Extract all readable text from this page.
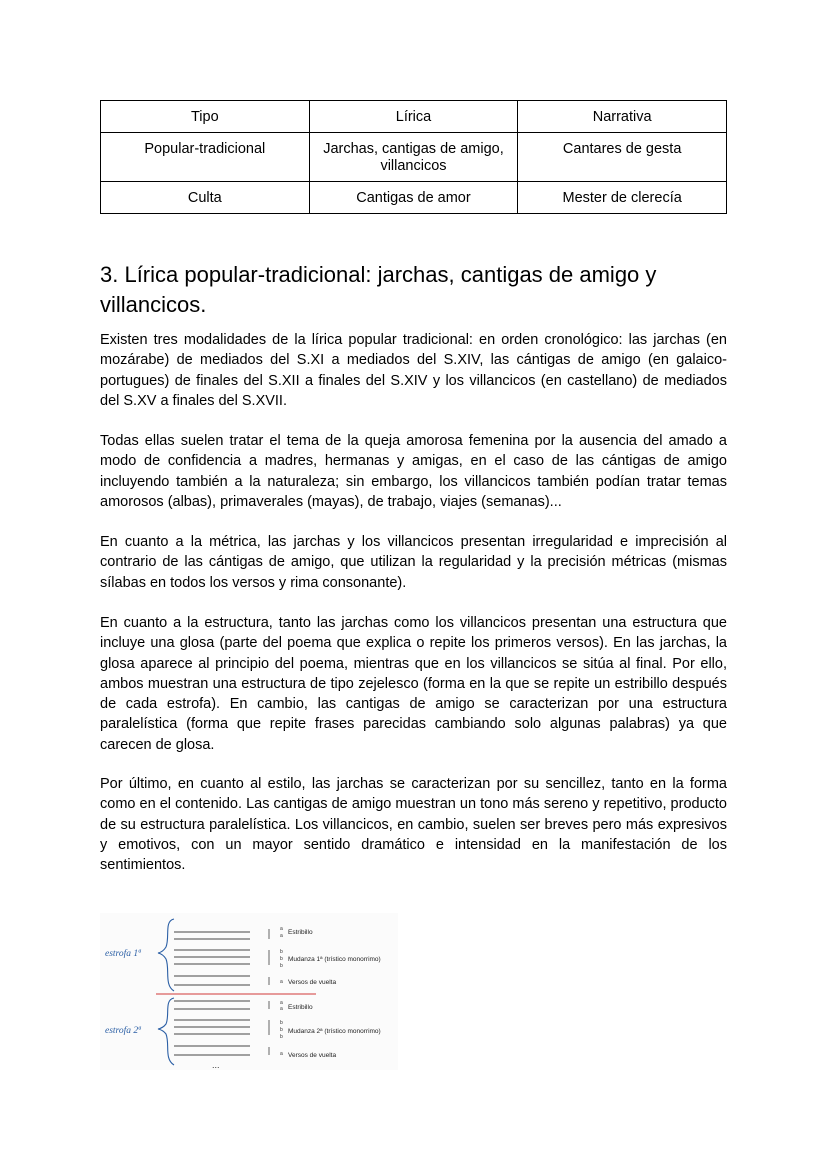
Tipo	Lírica	Narrativa
Popular-tradicional	Jarchas, cantigas de amigo, villancicos	Cantares de gesta
Culta	Cantigas de amor	Mester de clerecía
3. Lírica popular-tradicional: jarchas, cantigas de amigo y villancicos.

Existen tres modalidades de la lírica popular tradicional: en orden cronológico: las jarchas (en mozárabe) de mediados del S.XI a mediados del S.XIV, las cántigas de amigo (en galaico-portugues) de finales del S.XII a finales del S.XIV y los villancicos (en castellano) de mediados del S.XV a finales del S.XVII.

Todas ellas suelen tratar el tema de la queja amorosa femenina por la ausencia del amado a modo de confidencia a madres, hermanas y amigas, en el caso de las cántigas de amigo incluyendo también a la naturaleza; sin embargo, los villancicos también podían tratar temas amorosos (albas), primaverales (mayas), de trabajo, viajes (semanas)...

En cuanto a la métrica, las jarchas y los villancicos presentan irregularidad e imprecisión al contrario de las cántigas de amigo, que utilizan la regularidad y la precisión métricas (mismas sílabas en todos los versos y rima consonante).

En cuanto a la estructura, tanto las jarchas como los villancicos presentan una estructura que incluye una glosa (parte del poema que explica o repite los primeros versos). En las jarchas, la glosa aparece al principio del poema, mientras que en los villancicos se sitúa al final. Por ello, ambos muestran una estructura de tipo zejelesco (forma en la que se repite un estribillo después de cada estrofa). En cambio, las cantigas de amigo se caracterizan por una estructura paralelística (forma que repite frases parecidas cambiando solo algunas palabras) ya que carecen de glosa.

Por último, en cuanto al estilo, las jarchas se caracterizan por su sencillez, tanto en la forma como en el contenido. Las cantigas de amigo muestran un tono más sereno y repetitivo, producto de su estructura paralelística. Los villancicos, en cambio, suelen ser breves pero más expresivos y emotivos, con un mayor sentido dramático e intensidad en la manifestación de los sentimientos.

estrofa 1ª
estrofa 2ª
a
a
b
b
b
a
a
a
b
b
b
a
Estribillo
Mudanza 1ª (trístico monorrimo)
Versos de vuelta
Estribillo
Mudanza 2ª (trístico monorrimo)
Versos de vuelta
...
